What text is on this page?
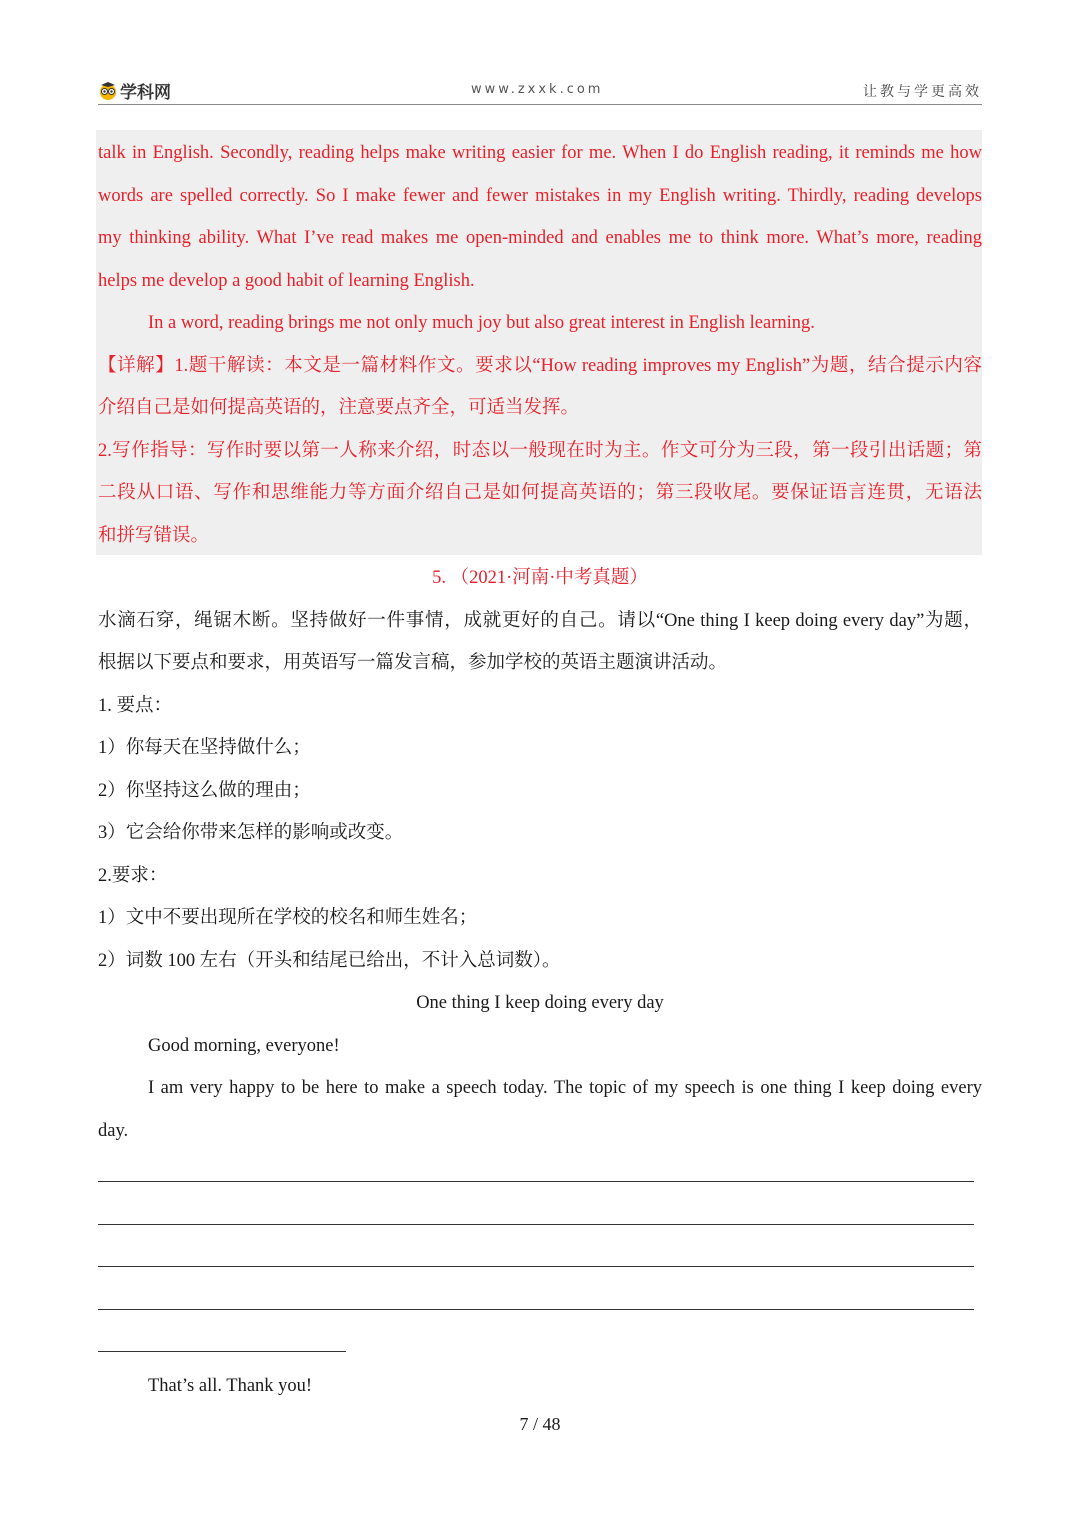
学科网	www.zxxk.com	让教与学更高效
talk in English. Secondly, reading helps make writing easier for me. When I do English reading, it reminds me how
words are spelled correctly. So I make fewer and fewer mistakes in my English writing. Thirdly, reading develops
my thinking ability. What I’ve read makes me open-minded and enables me to think more. What’s more, reading
helps me develop a good habit of learning English.
In a word, reading brings me not only much joy but also great interest in English learning.
【详解】1.题干解读：本文是一篇材料作文。要求以“How reading improves my English”为题，结合提示内容
介绍自己是如何提高英语的，注意要点齐全，可适当发挥。
2.写作指导：写作时要以第一人称来介绍，时态以一般现在时为主。作文可分为三段，第一段引出话题；第
二段从口语、写作和思维能力等方面介绍自己是如何提高英语的；第三段收尾。要保证语言连贯，无语法
和拼写错误。
5. （2021·河南·中考真题）
水滴石穿，绳锯木断。坚持做好一件事情，成就更好的自己。请以“One thing I keep doing every day”为题，
根据以下要点和要求，用英语写一篇发言稿，参加学校的英语主题演讲活动。
1. 要点：
1）你每天在坚持做什么；
2）你坚持这么做的理由；
3）它会给你带来怎样的影响或改变。
2.要求：
1）文中不要出现所在学校的校名和师生姓名；
2）词数 100 左右（开头和结尾已给出，不计入总词数）。
One thing I keep doing every day
Good morning, everyone!
I am very happy to be here to make a speech today. The topic of my speech is one thing I keep doing every
day.
That’s all. Thank you!
7 / 48
